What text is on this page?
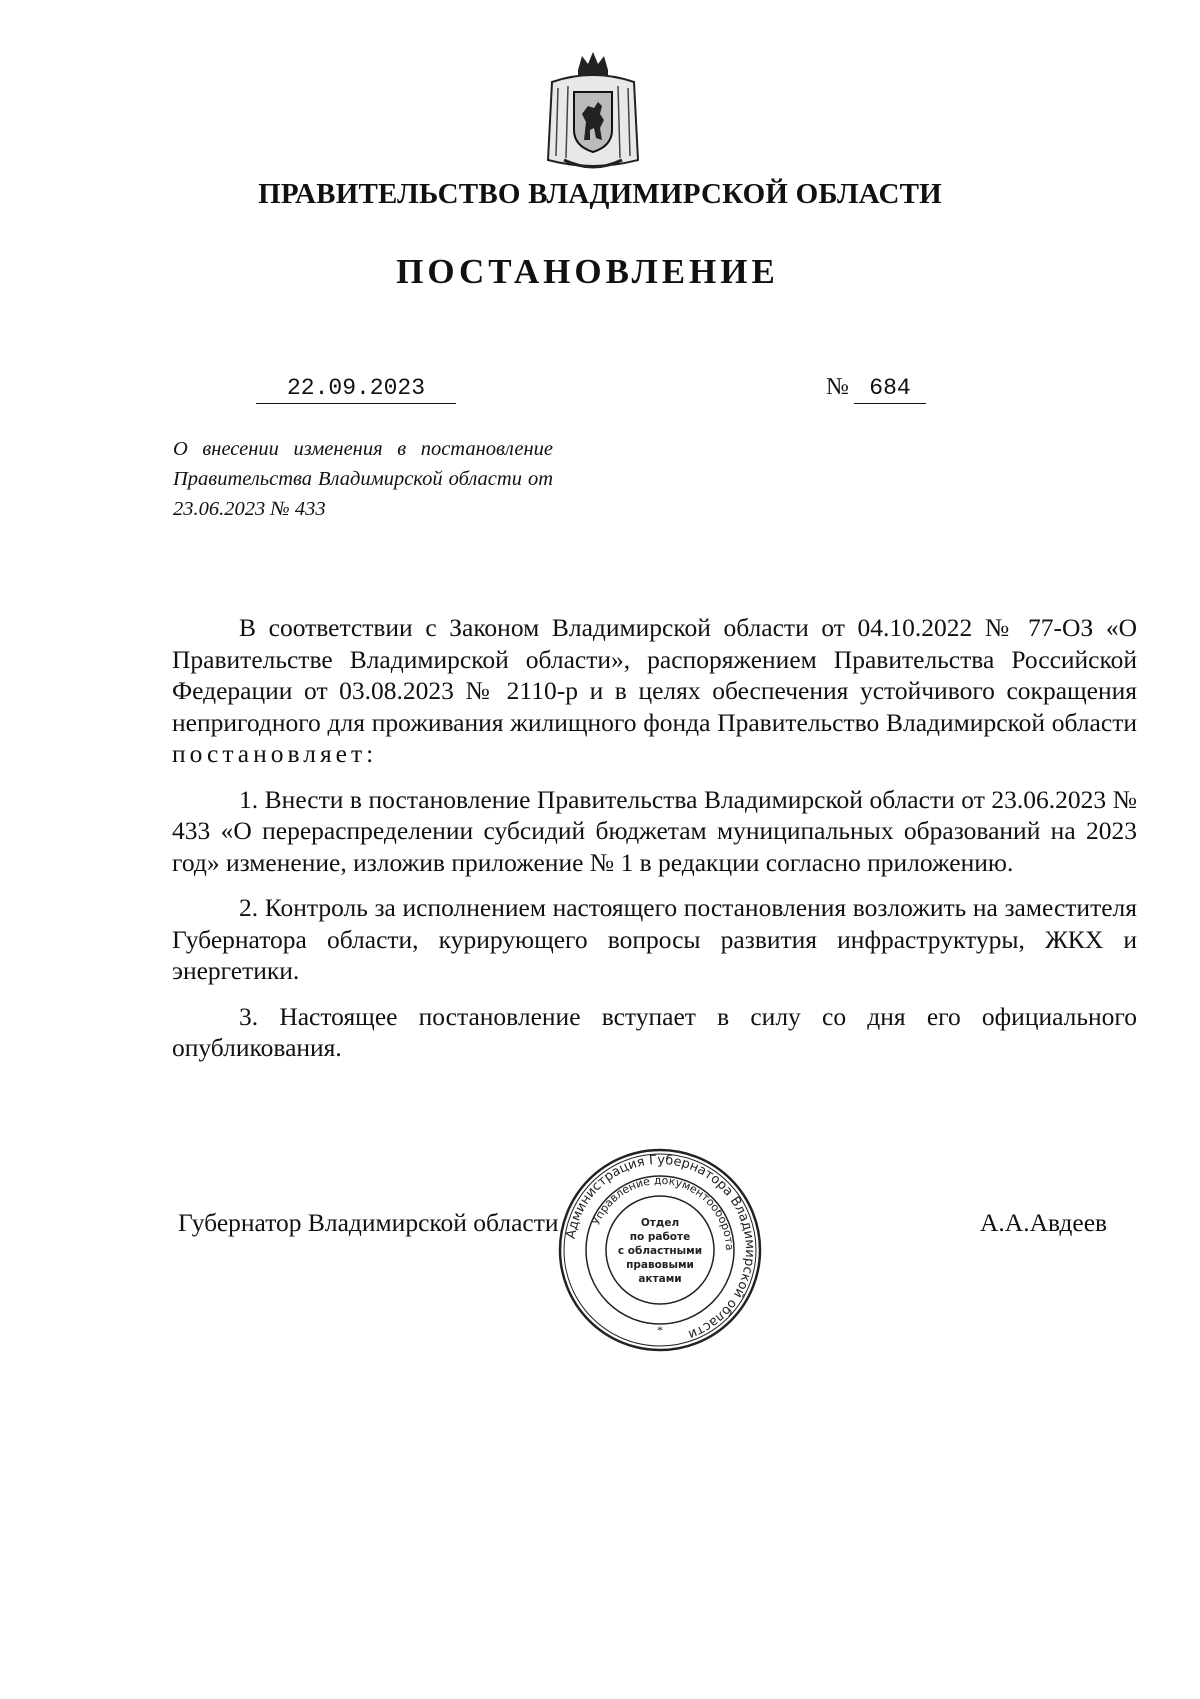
ПРАВИТЕЛЬСТВО ВЛАДИМИРСКОЙ ОБЛАСТИ
ПОСТАНОВЛЕНИЕ
22.09.2023	№ 684
О внесении изменения в постановление Правительства Владимирской области от
23.06.2023 № 433

В соответствии с Законом Владимирской области от 04.10.2022 № 77-ОЗ «О Правительстве Владимирской области», распоряжением Правительства Российской Федерации от 03.08.2023 № 2110-р и в целях обеспечения устойчивого сокращения непригодного для проживания жилищного фонда Правительство Владимирской области постановляет:

1. Внести в постановление Правительства Владимирской области от 23.06.2023 № 433 «О перераспределении субсидий бюджетам муниципальных образований на 2023 год» изменение, изложив приложение № 1 в редакции согласно приложению.

2. Контроль за исполнением настоящего постановления возложить на заместителя Губернатора области, курирующего вопросы развития инфраструктуры, ЖКХ и энергетики.

3. Настоящее постановление вступает в силу со дня его официального опубликования.

Губернатор Владимирской области	А.А.Авдеев
Администрация Губернатора Владимирской области
Управление документооборота
Отдел
по работе
с областными
правовыми
актами
*
